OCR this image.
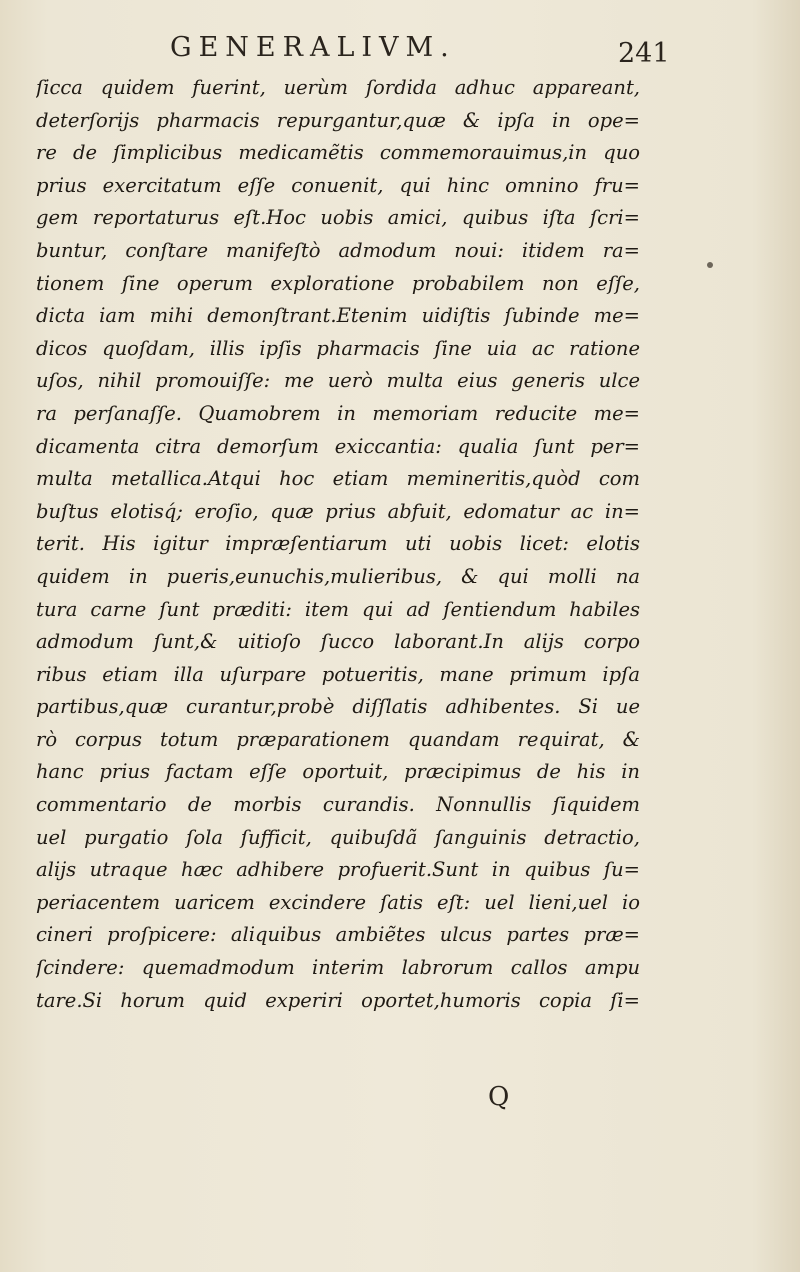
GENERALIVM.	241
ſicca quidem fuerint, uerùm ſordida adhuc appareant,
deterſorijs pharmacis repurgantur,quæ & ipſa in ope=
re de ſimplicibus medicamẽtis commemorauimus,in quo
prius exercitatum eſſe conuenit, qui hinc omnino fru=
gem reportaturus eſt.Hoc uobis amici, quibus iſta ſcri=
buntur, conſtare manifeſtò admodum noui: itidem ra=
tionem ſine operum exploratione probabilem non eſſe,
dicta iam mihi demonſtrant.Etenim uidiſtis ſubinde me=
dicos quoſdam, illis ipſis pharmacis ſine uia ac ratione
uſos, nihil promouiſſe: me uerò multa eius generis ulce
ra perſanaſſe. Quamobrem in memoriam reducite me=
dicamenta citra demorſum exiccantia: qualia ſunt per=
multa metallica.Atqui hoc etiam memineritis,quòd com
buſtus elotisq́; eroſio, quæ prius abfuit, edomatur ac in=
terit. His igitur impræſentiarum uti uobis licet: elotis
quidem in pueris,eunuchis,mulieribus, & qui molli na
tura carne ſunt præditi: item qui ad ſentiendum habiles
admodum ſunt,& uitioſo ſucco laborant.In alijs corpo
ribus etiam illa uſurpare potueritis, mane primum ipſa
partibus,quæ curantur,probè diſſlatis adhibentes. Si ue
rò corpus totum præparationem quandam requirat, &
hanc prius factam eſſe oportuit, præcipimus de his in
commentario de morbis curandis. Nonnullis ſiquidem
uel purgatio ſola ſufficit, quibuſdã ſanguinis detractio,
alijs utraque hæc adhibere profuerit.Sunt in quibus ſu=
periacentem uaricem excindere ſatis eſt: uel lieni,uel io
cineri proſpicere: aliquibus ambiẽtes ulcus partes præ=
ſcindere: quemadmodum interim labrorum callos ampu
tare.Si horum quid experiri oportet,humoris copia ſi=
Q
